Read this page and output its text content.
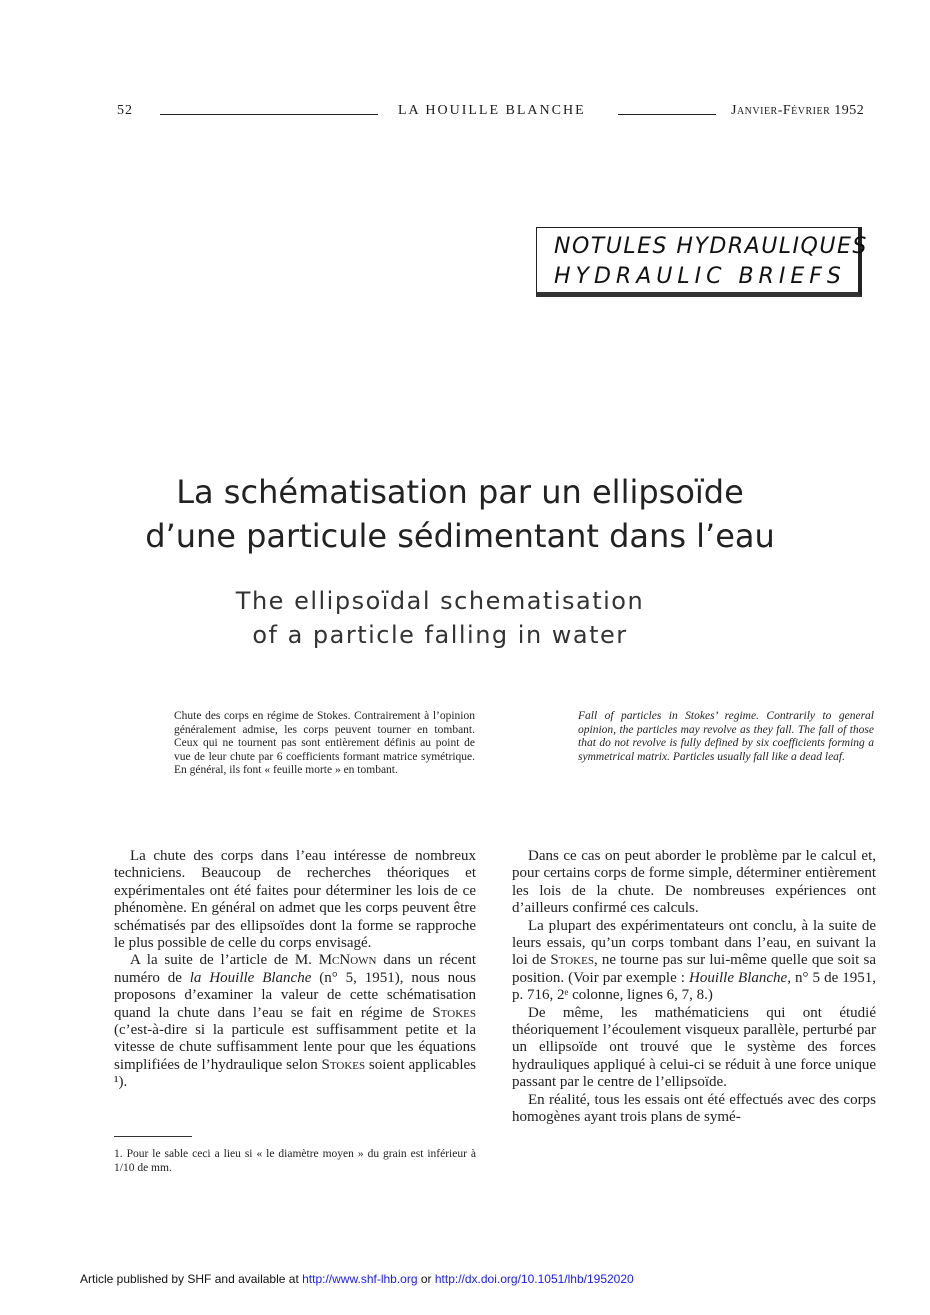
52	LA HOUILLE BLANCHE	Janvier-Février 1952
NOTULES HYDRAULIQUES
HYDRAULIC BRIEFS
La schématisation par un ellipsoïde
d’une particule sédimentant dans l’eau
The ellipsoïdal schematisation
of a particle falling in water

Chute des corps en régime de Stokes. Contrairement à l’opinion généralement admise, les corps peuvent tourner en tombant. Ceux qui ne tournent pas sont entièrement définis au point de vue de leur chute par 6 coefficients formant matrice symétrique. En général, ils font « feuille morte » en tombant.

Fall of particles in Stokes’ regime. Contrarily to general opinion, the particles may revolve as they fall. The fall of those that do not revolve is fully defined by six coefficients forming a symmetrical matrix. Particles usually fall like a dead leaf.

La chute des corps dans l’eau intéresse de nombreux techniciens. Beaucoup de recherches théoriques et expérimentales ont été faites pour déterminer les lois de ce phénomène. En général on admet que les corps peuvent être schématisés par des ellipsoïdes dont la forme se rapproche le plus possible de celle du corps envisagé.

A la suite de l’article de M. McNown dans un récent numéro de la Houille Blanche (n° 5, 1951), nous nous proposons d’examiner la valeur de cette schématisation quand la chute dans l’eau se fait en régime de Stokes (c’est-à-dire si la particule est suffisamment petite et la vitesse de chute suffisamment lente pour que les équations simplifiées de l’hydraulique selon Stokes soient applicables ¹).

1. Pour le sable ceci a lieu si « le diamètre moyen » du grain est inférieur à 1/10 de mm.

Dans ce cas on peut aborder le problème par le calcul et, pour certains corps de forme simple, déterminer entièrement les lois de la chute. De nombreuses expériences ont d’ailleurs confirmé ces calculs.

La plupart des expérimentateurs ont conclu, à la suite de leurs essais, qu’un corps tombant dans l’eau, en suivant la loi de Stokes, ne tourne pas sur lui-même quelle que soit sa position. (Voir par exemple : Houille Blanche, n° 5 de 1951, p. 716, 2ᵉ colonne, lignes 6, 7, 8.)

De même, les mathématiciens qui ont étudié théoriquement l’écoulement visqueux parallèle, perturbé par un ellipsoïde ont trouvé que le système des forces hydrauliques appliqué à celui-ci se réduit à une force unique passant par le centre de l’ellipsoïde.

En réalité, tous les essais ont été effectués avec des corps homogènes ayant trois plans de symé-

Article published by SHF and available at http://www.shf-lhb.org or http://dx.doi.org/10.1051/lhb/1952020
